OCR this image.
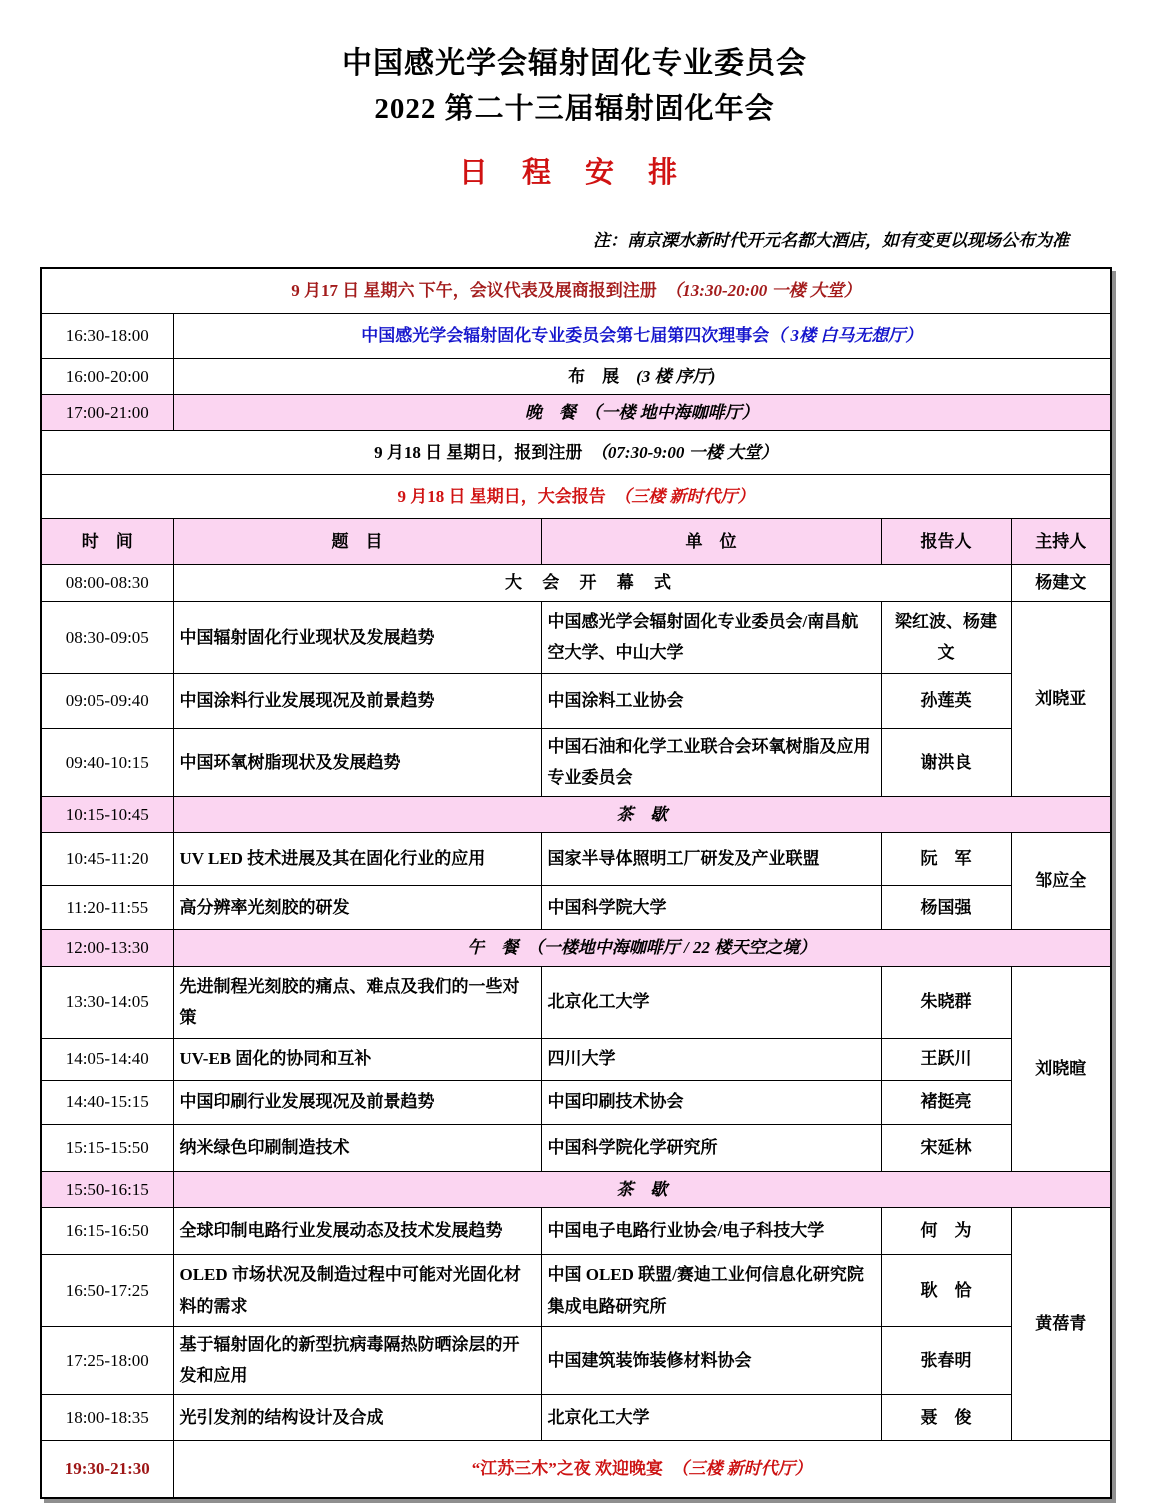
中国感光学会辐射固化专业委员会
2022 第二十三届辐射固化年会
日 程 安 排
注：南京溧水新时代开元名都大酒店，如有变更以现场公布为准
9 月17 日 星期六 下午，会议代表及展商报到注册　（13:30-20:00 一楼 大堂）				
16:30-18:00	中国感光学会辐射固化专业委员会第七届第四次理事会（ 3楼 白马无想厅）			
16:00-20:00	布　展　(3 楼 序厅)			
17:00-21:00	晚　餐　（一楼 地中海咖啡厅）			
9 月18 日 星期日，报到注册　（07:30-9:00 一楼 大堂）				
9 月18 日 星期日，大会报告　（三楼 新时代厅）				
时　间	题　目	单　位	报告人	主持人
08:00-08:30	大 会 开 幕 式			杨建文
08:30-09:05	中国辐射固化行业现状及发展趋势	中国感光学会辐射固化专业委员会/南昌航空大学、中山大学	梁红波、杨建文	刘晓亚
09:05-09:40	中国涂料行业发展现况及前景趋势	中国涂料工业协会	孙莲英	
09:40-10:15	中国环氧树脂现状及发展趋势	中国石油和化学工业联合会环氧树脂及应用专业委员会	谢洪良	
10:15-10:45	茶　歇			
10:45-11:20	UV LED 技术进展及其在固化行业的应用	国家半导体照明工厂研发及产业联盟	阮　军	邹应全
11:20-11:55	高分辨率光刻胶的研发	中国科学院大学	杨国强	
12:00-13:30	午　餐　（一楼地中海咖啡厅 / 22 楼天空之境）			
13:30-14:05	先进制程光刻胶的痛点、难点及我们的一些对策	北京化工大学	朱晓群	刘晓暄
14:05-14:40	UV-EB 固化的协同和互补	四川大学	王跃川	
14:40-15:15	中国印刷行业发展现况及前景趋势	中国印刷技术协会	褚挺亮	
15:15-15:50	纳米绿色印刷制造技术	中国科学院化学研究所	宋延林	
15:50-16:15	茶　歇			
16:15-16:50	全球印制电路行业发展动态及技术发展趋势	中国电子电路行业协会/电子科技大学	何　为	黄蓓青
16:50-17:25	OLED 市场状况及制造过程中可能对光固化材料的需求	中国 OLED 联盟/赛迪工业何信息化研究院集成电路研究所	耿　恰	
17:25-18:00	基于辐射固化的新型抗病毒隔热防晒涂层的开发和应用	中国建筑装饰装修材料协会	张春明	
18:00-18:35	光引发剂的结构设计及合成	北京化工大学	聂　俊	
19:30-21:30	“江苏三木”之夜 欢迎晚宴　（三楼 新时代厅）			
